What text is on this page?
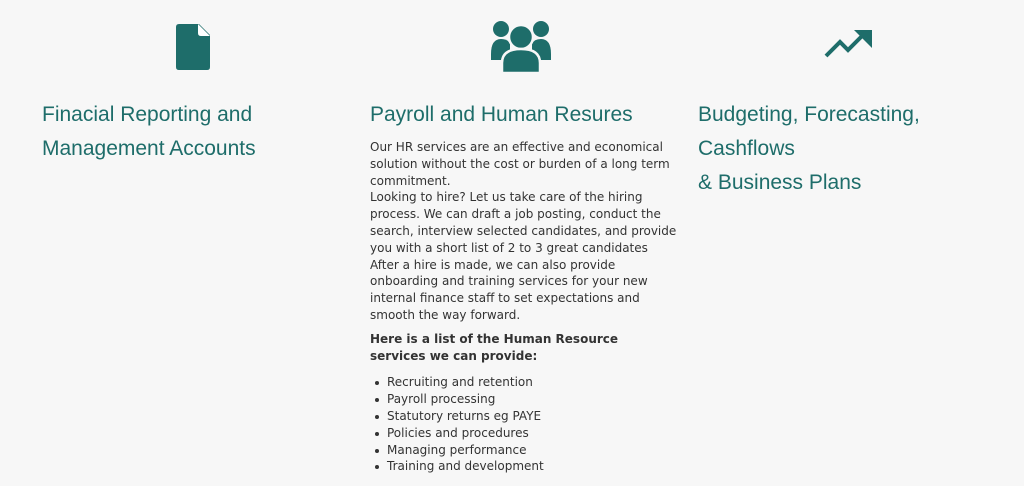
Finacial Reporting and
Management Accounts
Payroll and Human Resures

Our HR services are an effective and economical solution without the cost or burden of a long term commitment.

Looking to hire? Let us take care of the hiring process. We can draft a job posting, conduct the search, interview selected candidates, and provide you with a short list of 2 to 3 great candidates

After a hire is made, we can also provide onboarding and training services for your new internal finance staff to set expectations and smooth the way forward.

Here is a list of the Human Resource services we can provide:

Recruiting and retention
Payroll processing
Statutory returns eg PAYE
Policies and procedures
Managing performance
Training and development
Budgeting, Forecasting, Cashflows
& Business Plans
